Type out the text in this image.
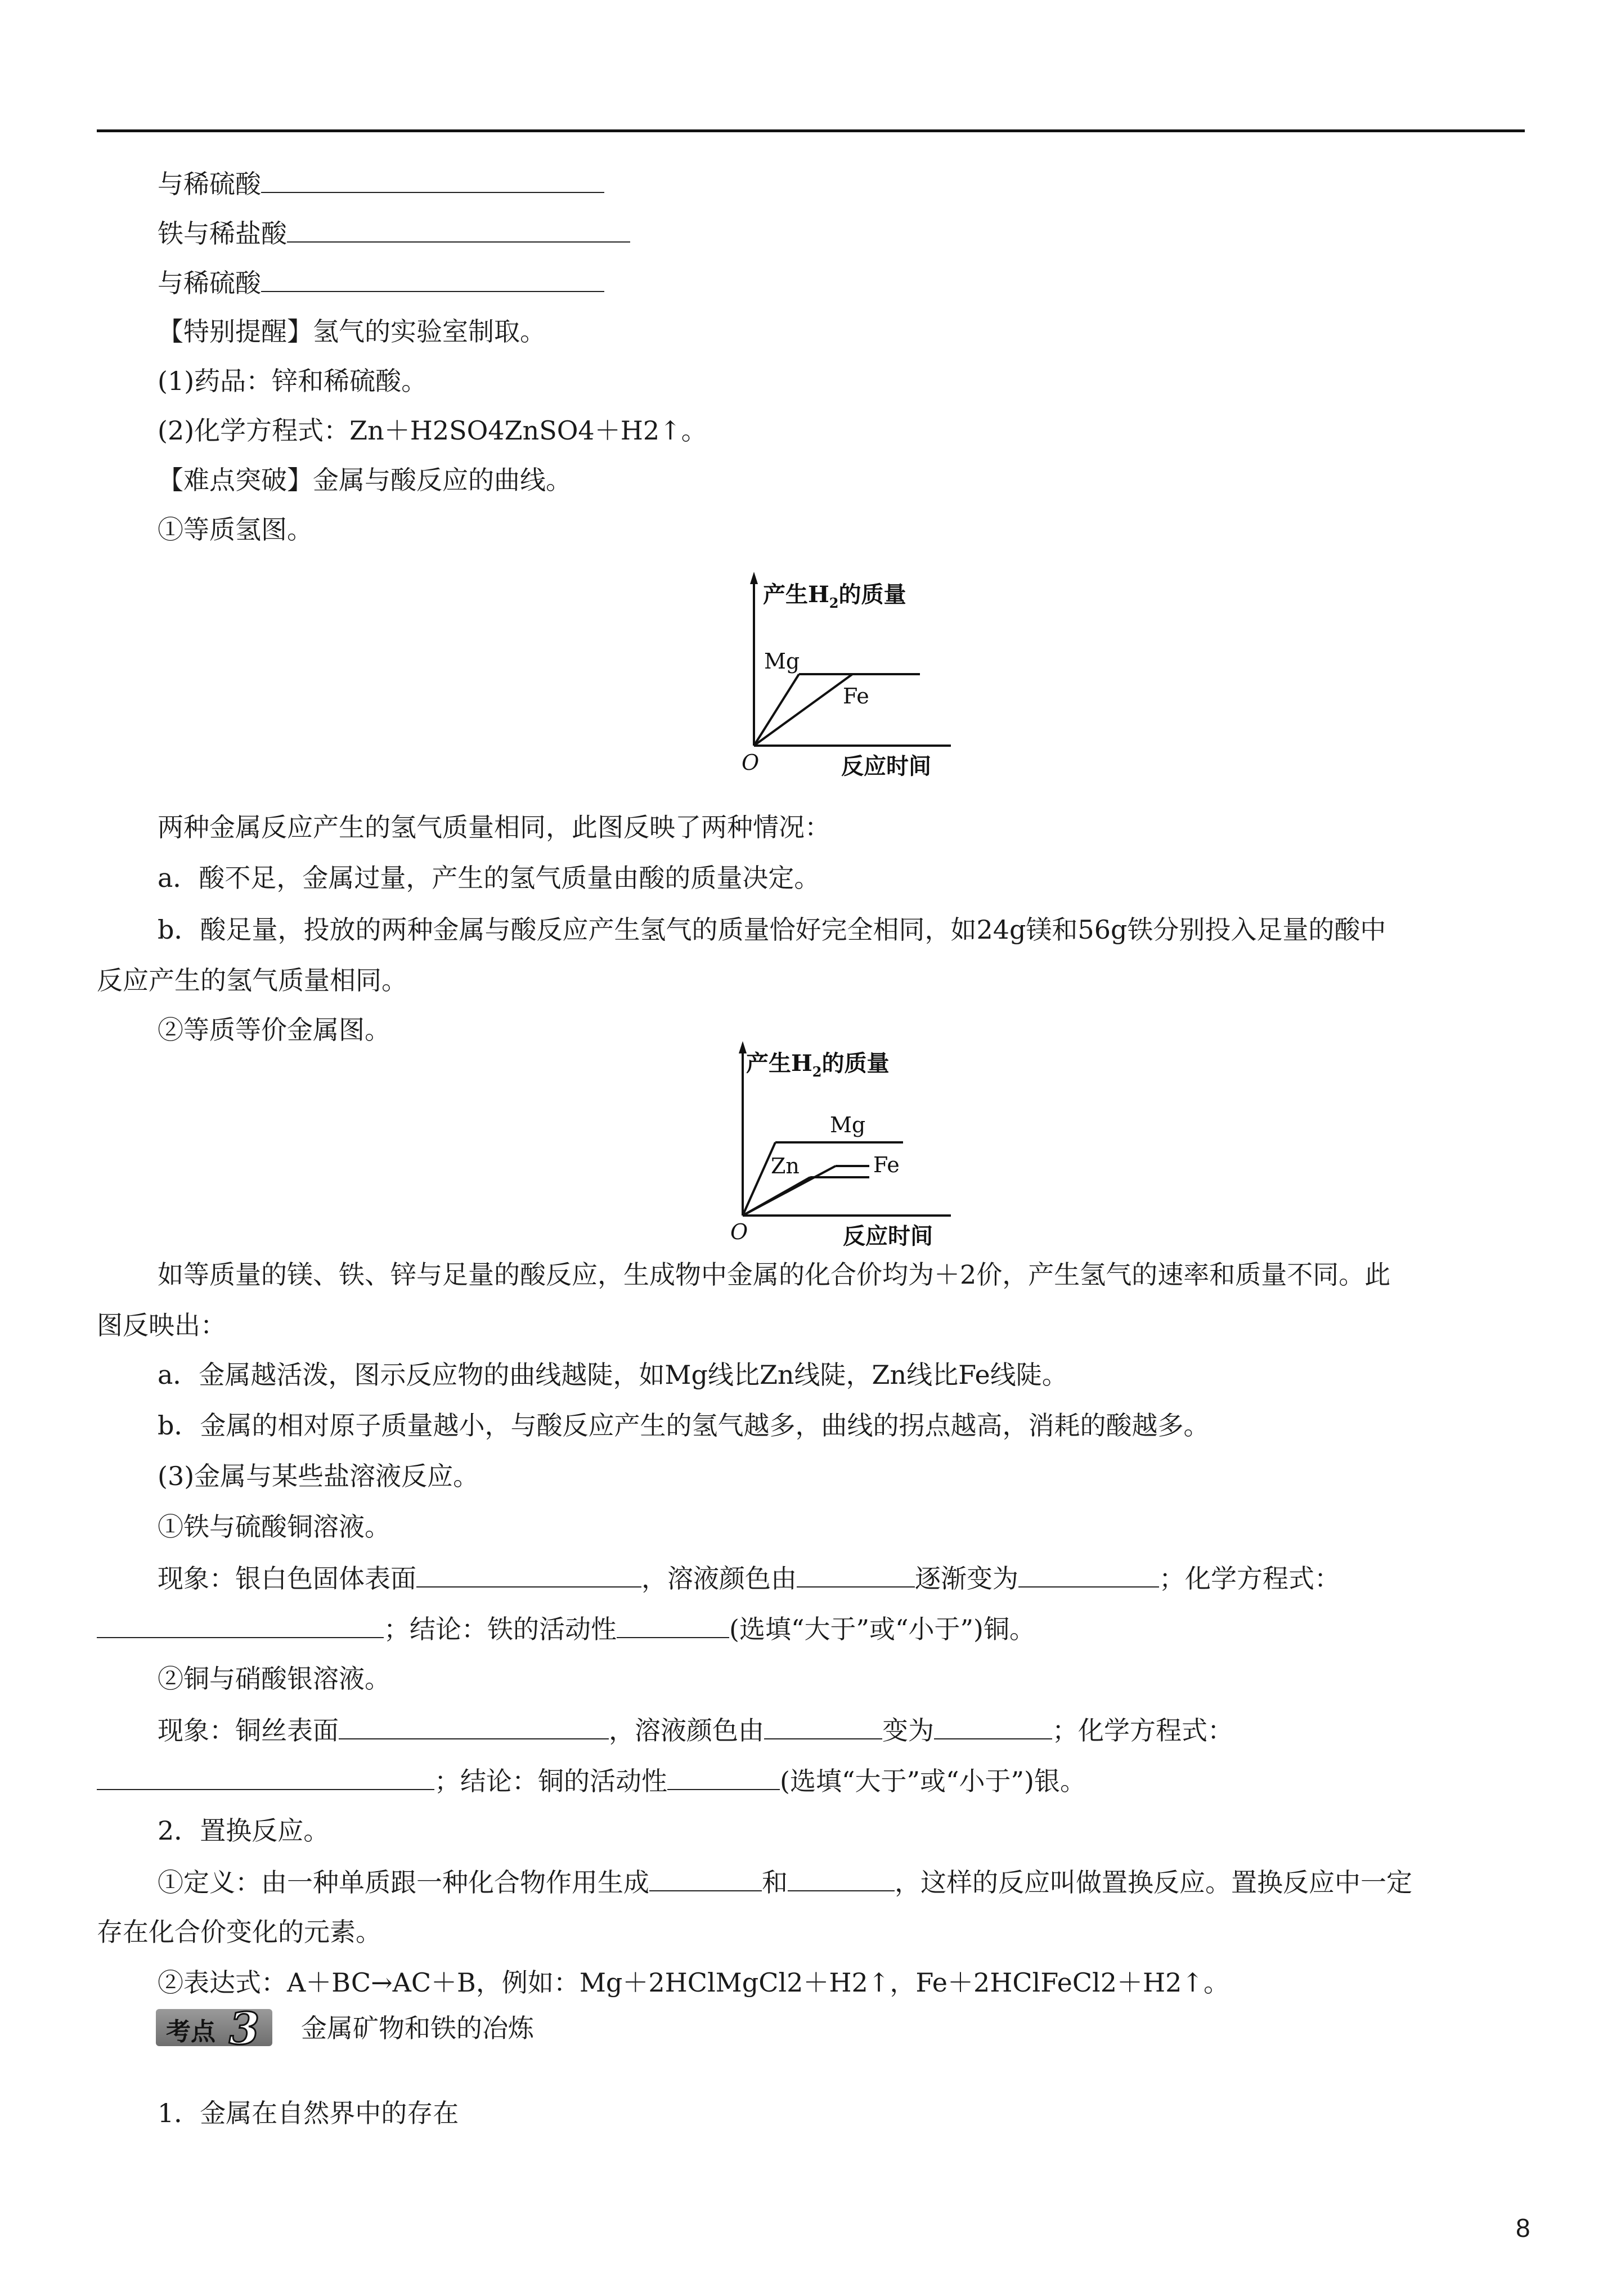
与稀硫酸
铁与稀盐酸
与稀硫酸
【特别提醒】氢气的实验室制取。
(1)药品：锌和稀硫酸。
(2)化学方程式：Zn＋H2SO4ZnSO4＋H2↑。
【难点突破】金属与酸反应的曲线。
①等质氢图。
产生$H_2$的质量
Mg
Fe
O	反应时间
两种金属反应产生的氢气质量相同，此图反映了两种情况：
a．酸不足，金属过量，产生的氢气质量由酸的质量决定。
b．酸足量，投放的两种金属与酸反应产生氢气的质量恰好完全相同，如24g镁和56g铁分别投入足量的酸中
反应产生的氢气质量相同。
②等质等价金属图。
产生$H_2$的质量
Mg
Zn	Fe
O	反应时间
如等质量的镁、铁、锌与足量的酸反应，生成物中金属的化合价均为＋2价，产生氢气的速率和质量不同。此
图反映出：
a．金属越活泼，图示反应物的曲线越陡，如Mg线比Zn线陡，Zn线比Fe线陡。
b．金属的相对原子质量越小，与酸反应产生的氢气越多，曲线的拐点越高，消耗的酸越多。
(3)金属与某些盐溶液反应。
①铁与硫酸铜溶液。
现象：银白色固体表面	，溶液颜色由	逐渐变为	；化学方程式：
；结论：铁的活动性	(选填“大于”或“小于”)铜。
②铜与硝酸银溶液。
现象：铜丝表面	，溶液颜色由	变为	；化学方程式：
；结论：铜的活动性	(选填“大于”或“小于”)银。
2．置换反应。
①定义：由一种单质跟一种化合物作用生成	和	，这样的反应叫做置换反应。置换反应中一定
存在化合价变化的元素。
②表达式：A＋BC→AC＋B，例如：Mg＋2HClMgCl2＋H2↑，Fe＋2HClFeCl2＋H2↑。
考点 3 金属矿物和铁的冶炼
1．金属在自然界中的存在
8
